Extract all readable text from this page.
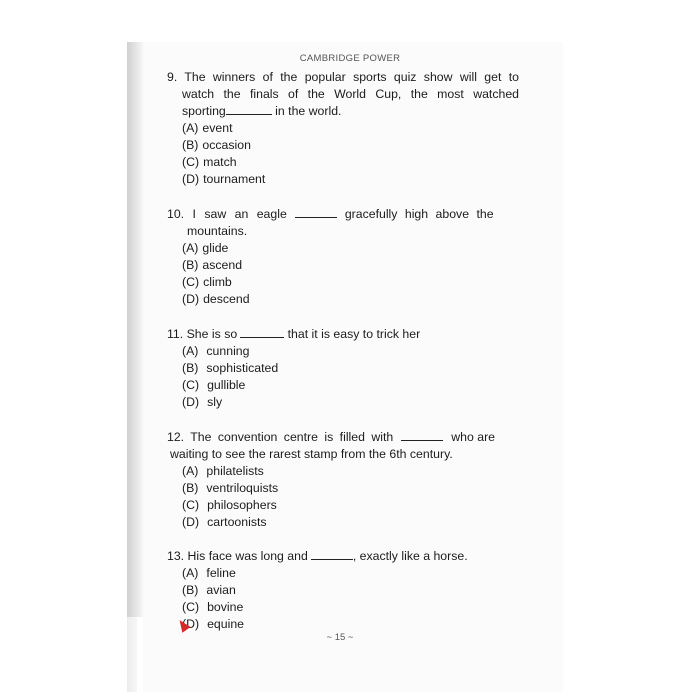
CAMBRIDGE POWER
9. The winners of the popular sports quiz show will get to
watch the finals of the World Cup, the most watched
sporting	in the world.
(A) event
(B) occasion
(C) match
(D) tournament
10. I saw an eagle	gracefully high above the
mountains.
(A) glide
(B) ascend
(C) climb
(D) descend
11. She is so	that it is easy to trick her
(A) cunning
(B) sophisticated
(C) gullible
(D) sly
12. The convention centre is filled with	who are
waiting to see the rarest stamp from the 6th century.
(A) philatelists
(B) ventriloquists
(C) philosophers
(D) cartoonists
13. His face was long and	, exactly like a horse.
(A) feline
(B) avian
(C) bovine
(D) equine
~ 15 ~
